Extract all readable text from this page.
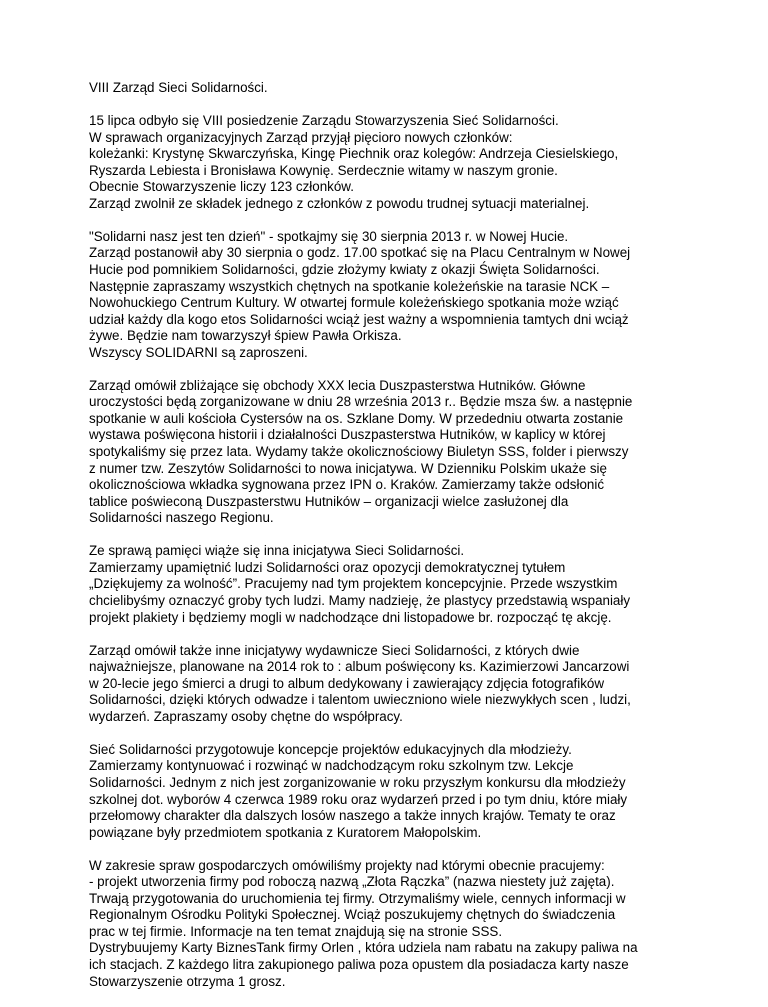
VIII Zarząd Sieci Solidarności.

15 lipca odbyło się VIII posiedzenie Zarządu Stowarzyszenia Sieć Solidarności.
W sprawach organizacyjnych Zarząd przyjął pięcioro nowych członków:
koleżanki: Krystynę Skwarczyńska, Kingę Piechnik oraz kolegów: Andrzeja Ciesielskiego,
Ryszarda Lebiesta i Bronisława Kowynię. Serdecznie witamy w naszym gronie.
Obecnie Stowarzyszenie liczy 123 członków.
Zarząd zwolnił ze składek jednego z członków z powodu trudnej sytuacji materialnej.

"Solidarni nasz jest ten dzień" - spotkajmy się 30 sierpnia 2013 r. w Nowej Hucie.
Zarząd postanowił aby 30 sierpnia o godz. 17.00 spotkać się na Placu Centralnym w Nowej
Hucie pod pomnikiem Solidarności, gdzie złożymy kwiaty z okazji Święta Solidarności.
Następnie zapraszamy wszystkich chętnych na spotkanie koleżeńskie na tarasie NCK –
Nowohuckiego Centrum Kultury. W otwartej formule koleżeńskiego spotkania może wziąć
udział każdy dla kogo etos Solidarności wciąż jest ważny a wspomnienia tamtych dni wciąż
żywe. Będzie nam towarzyszył śpiew Pawła Orkisza.
Wszyscy SOLIDARNI są zaproszeni.

Zarząd omówił zbliżające się obchody XXX lecia Duszpasterstwa Hutników. Główne
uroczystości będą zorganizowane w dniu 28 września 2013 r.. Będzie msza św. a następnie
spotkanie w auli kościoła Cystersów na os. Szklane Domy. W przededniu otwarta zostanie
wystawa poświęcona historii i działalności Duszpasterstwa Hutników, w kaplicy w której
spotykaliśmy się przez lata. Wydamy także okolicznościowy Biuletyn SSS, folder i pierwszy
z numer tzw. Zeszytów Solidarności to nowa inicjatywa. W Dzienniku Polskim ukaże się
okolicznościowa wkładka sygnowana przez IPN o. Kraków. Zamierzamy także odsłonić
tablice poświeconą Duszpasterstwu Hutników – organizacji wielce zasłużonej dla
Solidarności naszego Regionu.

Ze sprawą pamięci wiąże się inna inicjatywa Sieci Solidarności.
Zamierzamy upamiętnić ludzi Solidarności oraz opozycji demokratycznej tytułem
„Dziękujemy za wolność”. Pracujemy nad tym projektem koncepcyjnie. Przede wszystkim
chcielibyśmy oznaczyć groby tych ludzi. Mamy nadzieję, że plastycy przedstawią wspaniały
projekt plakiety i będziemy mogli w nadchodzące dni listopadowe br. rozpocząć tę akcję.

Zarząd omówił także inne inicjatywy wydawnicze Sieci Solidarności, z których dwie
najważniejsze, planowane na 2014 rok to : album poświęcony ks. Kazimierzowi Jancarzowi
w 20-lecie jego śmierci a drugi to album dedykowany i zawierający zdjęcia fotografików
Solidarności, dzięki których odwadze i talentom uwieczniono wiele niezwykłych scen , ludzi,
wydarzeń. Zapraszamy osoby chętne do współpracy.

Sieć Solidarności przygotowuje koncepcje projektów edukacyjnych dla młodzieży.
Zamierzamy kontynuować i rozwinąć w nadchodzącym roku szkolnym tzw. Lekcje
Solidarności. Jednym z nich jest zorganizowanie w roku przyszłym konkursu dla młodzieży
szkolnej dot. wyborów 4 czerwca 1989 roku oraz wydarzeń przed i po tym dniu, które miały
przełomowy charakter dla dalszych losów naszego a także innych krajów. Tematy te oraz
powiązane były przedmiotem spotkania z Kuratorem Małopolskim.

W zakresie spraw gospodarczych omówiliśmy projekty nad którymi obecnie pracujemy:
- projekt utworzenia firmy pod roboczą nazwą „Złota Rączka” (nazwa niestety już zajęta).
Trwają przygotowania do uruchomienia tej firmy. Otrzymaliśmy wiele, cennych informacji w
Regionalnym Ośrodku Polityki Społecznej. Wciąż poszukujemy chętnych do świadczenia
prac w tej firmie. Informacje na ten temat znajdują się na stronie SSS.
Dystrybuujemy Karty BiznesTank firmy Orlen , która udziela nam rabatu na zakupy paliwa na
ich stacjach. Z każdego litra zakupionego paliwa poza opustem dla posiadacza karty nasze
Stowarzyszenie otrzyma 1 grosz.
